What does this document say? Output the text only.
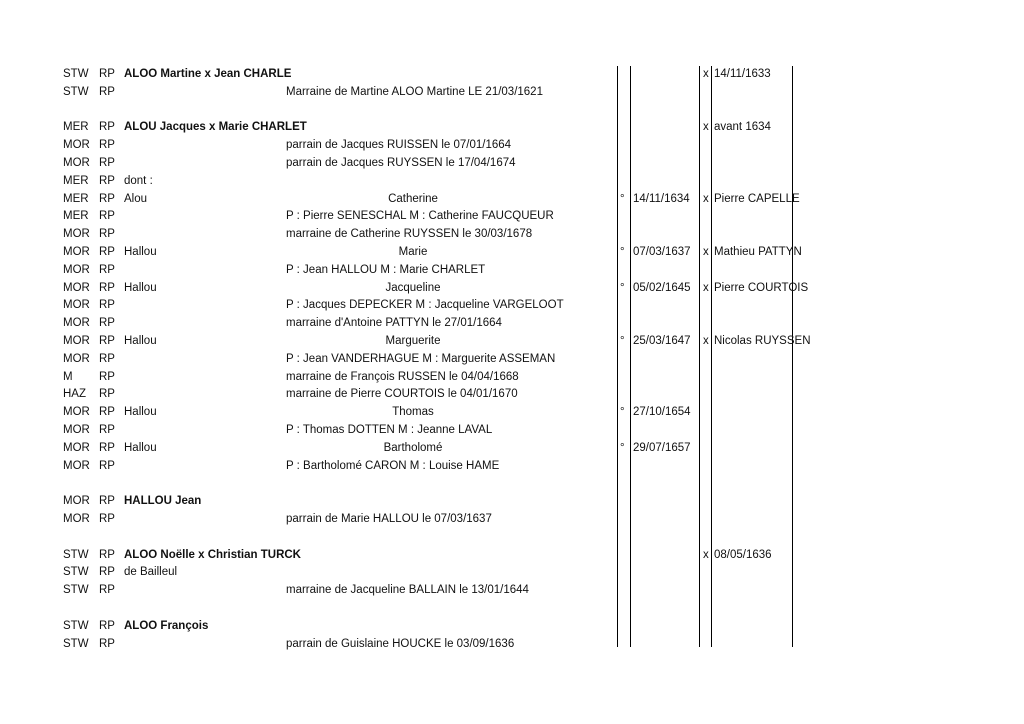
STW RP ALOO Martine x Jean CHARLE	x 14/11/1633
STW RP	Marraine de Martine ALOO Martine LE 21/03/1621
MER RP ALOU Jacques x Marie CHARLET	x avant 1634
MOR RP	parrain de Jacques RUISSEN le 07/01/1664
MOR RP	parrain de Jacques RUYSSEN le 17/04/1674
MER RP dont :
MER RP Alou	Catherine	° 14/11/1634 x Pierre CAPELLE
MER RP	P : Pierre SENESCHAL M : Catherine FAUCQUEUR
MOR RP	marraine de Catherine RUYSSEN le 30/03/1678
MOR RP Hallou	Marie	° 07/03/1637 x Mathieu PATTYN
MOR RP	P : Jean HALLOU M : Marie CHARLET
MOR RP Hallou	Jacqueline	° 05/02/1645 x Pierre COURTOIS
MOR RP	P : Jacques DEPECKER M : Jacqueline VARGELOOT
MOR RP	marraine d'Antoine PATTYN le 27/01/1664
MOR RP Hallou	Marguerite	° 25/03/1647 x Nicolas RUYSSEN
MOR RP	P : Jean VANDERHAGUE M : Marguerite ASSEMAN
M RP	marraine de François RUSSEN le 04/04/1668
HAZ RP	marraine de Pierre COURTOIS le 04/01/1670
MOR RP Hallou	Thomas	° 27/10/1654
MOR RP	P : Thomas DOTTEN M : Jeanne LAVAL
MOR RP Hallou	Bartholomé	° 29/07/1657
MOR RP	P : Bartholomé CARON M : Louise HAME
MOR RP HALLOU Jean
MOR RP	parrain de Marie HALLOU le 07/03/1637
STW RP ALOO Noëlle x Christian TURCK	x 08/05/1636
STW RP de Bailleul
STW RP	marraine de Jacqueline BALLAIN le 13/01/1644
STW RP ALOO François
STW RP	parrain de Guislaine HOUCKE le 03/09/1636
